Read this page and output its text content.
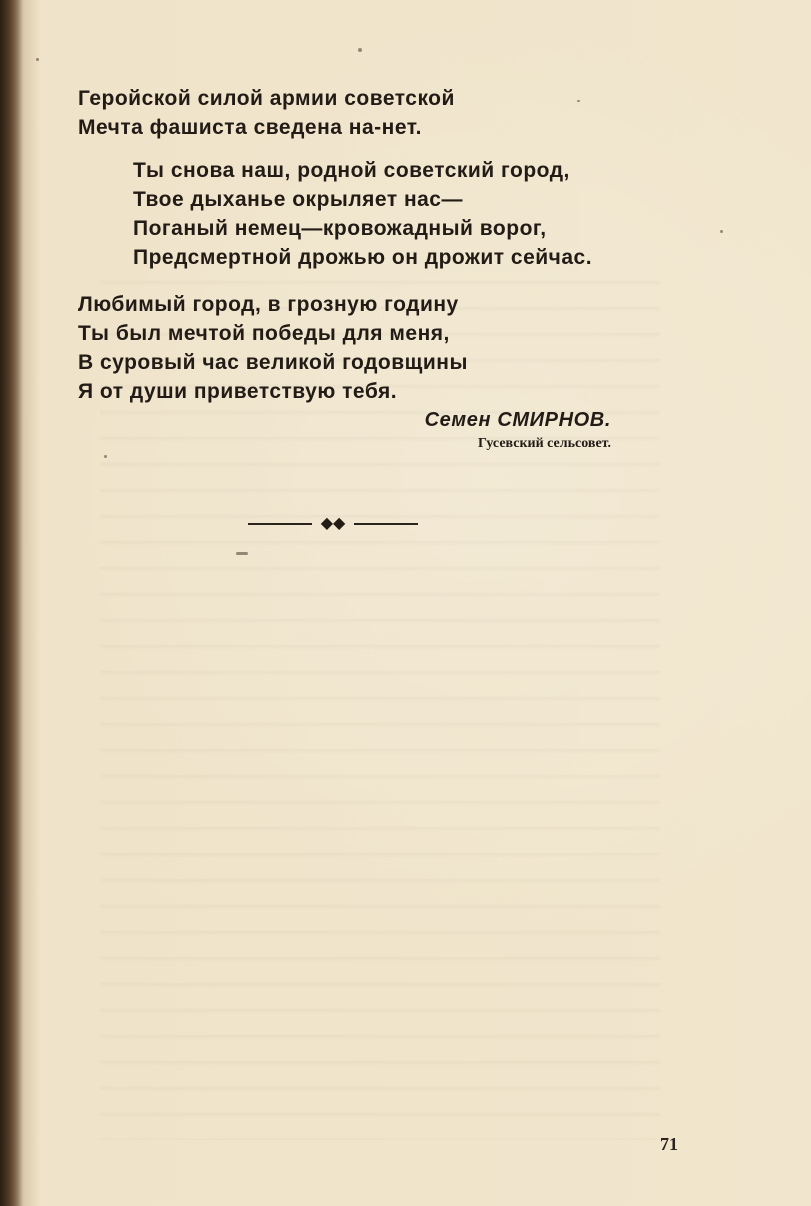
Геройской силой армии советской
Мечта фашиста сведена на-нет.
Ты снова наш, родной советский город,
Твое дыханье окрыляет нас—
Поганый немец—кровожадный ворог,
Предсмертной дрожью он дрожит сейчас.
Любимый город, в грозную годину
Ты был мечтой победы для меня,
В суровый час великой годовщины
Я от души приветствую тебя.
Семен СМИРНОВ.
Гусевский сельсовет.
◆◆
71
